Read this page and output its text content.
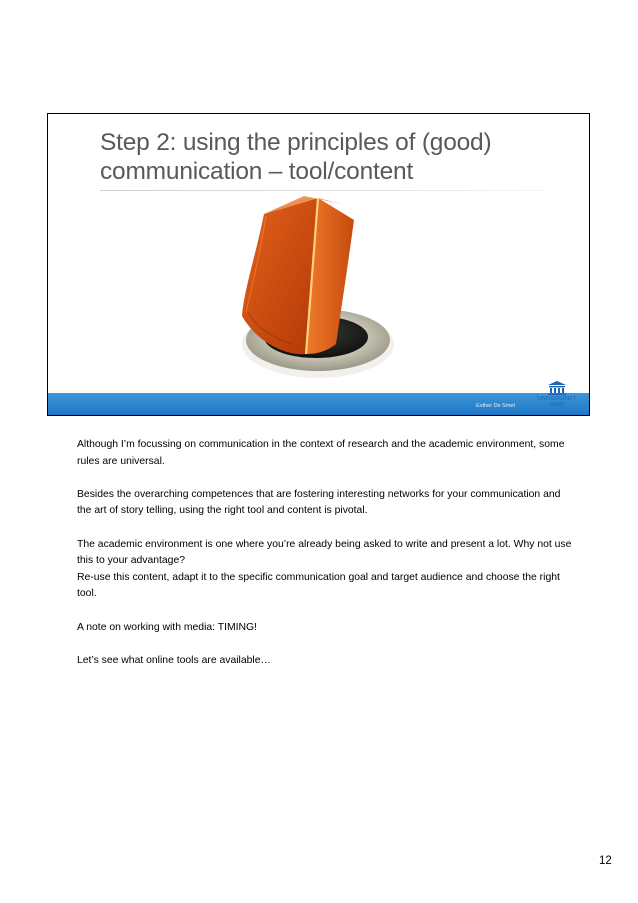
Step 2: using the principles of (good)
communication – tool/content
Esther De Smet
UNIVERSITEIT
GENT

Although I’m focussing on communication in the context of research and the academic environment, some rules are universal.

Besides the overarching competences that are fostering interesting networks for your communication and the art of story telling, using the right tool and content is pivotal.

The academic environment is one where you’re already being asked to write and present a lot. Why not use this to your advantage?

Re-use this content, adapt it to the specific communication goal and target audience and choose the right tool.

A note on working with media: TIMING!

Let’s see what online tools are available…

12
